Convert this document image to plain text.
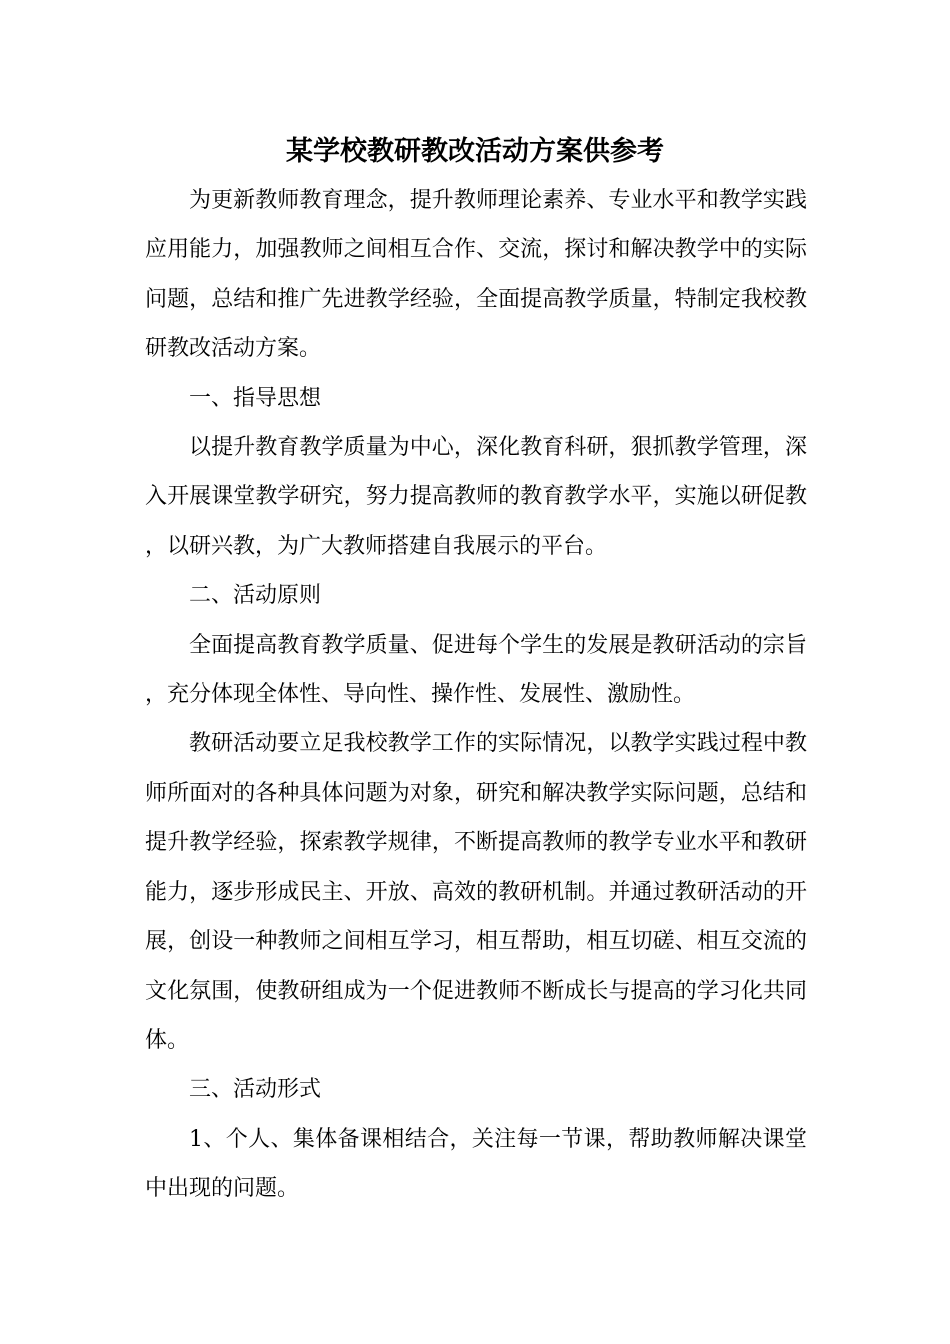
某学校教研教改活动方案供参考

为更新教师教育理念，提升教师理论素养、专业水平和教学实践应用能力，加强教师之间相互合作、交流，探讨和解决教学中的实际问题，总结和推广先进教学经验，全面提高教学质量，特制定我校教研教改活动方案。

一、指导思想

以提升教育教学质量为中心，深化教育科研，狠抓教学管理，深入开展课堂教学研究，努力提高教师的教育教学水平，实施以研促教，以研兴教，为广大教师搭建自我展示的平台。

二、活动原则

全面提高教育教学质量、促进每个学生的发展是教研活动的宗旨，充分体现全体性、导向性、操作性、发展性、激励性。

教研活动要立足我校教学工作的实际情况，以教学实践过程中教师所面对的各种具体问题为对象，研究和解决教学实际问题，总结和提升教学经验，探索教学规律，不断提高教师的教学专业水平和教研能力，逐步形成民主、开放、高效的教研机制。并通过教研活动的开展，创设一种教师之间相互学习，相互帮助，相互切磋、相互交流的文化氛围，使教研组成为一个促进教师不断成长与提高的学习化共同体。

三、活动形式

1、个人、集体备课相结合，关注每一节课，帮助教师解决课堂中出现的问题。
